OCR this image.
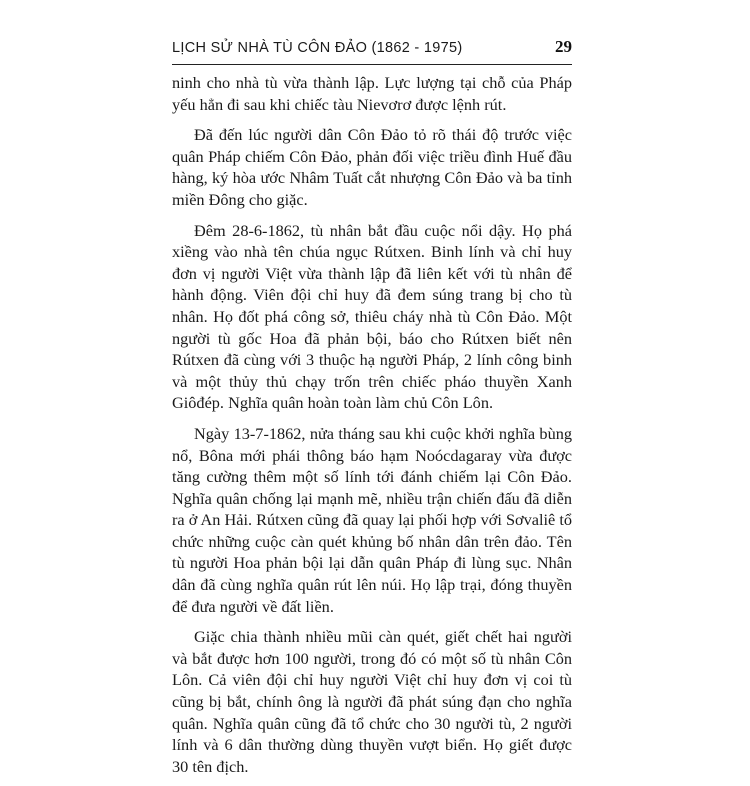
LỊCH SỬ NHÀ TÙ CÔN ĐẢO (1862 - 1975)	29

ninh cho nhà tù vừa thành lập. Lực lượng tại chỗ của Pháp yếu hẳn đi sau khi chiếc tàu Nievơrơ được lệnh rút.

Đã đến lúc người dân Côn Đảo tỏ rõ thái độ trước việc quân Pháp chiếm Côn Đảo, phản đối việc triều đình Huế đầu hàng, ký hòa ước Nhâm Tuất cắt nhượng Côn Đảo và ba tỉnh miền Đông cho giặc.

Đêm 28-6-1862, tù nhân bắt đầu cuộc nổi dậy. Họ phá xiềng vào nhà tên chúa ngục Rútxen. Binh lính và chỉ huy đơn vị người Việt vừa thành lập đã liên kết với tù nhân để hành động. Viên đội chỉ huy đã đem súng trang bị cho tù nhân. Họ đốt phá công sở, thiêu cháy nhà tù Côn Đảo. Một người tù gốc Hoa đã phản bội, báo cho Rútxen biết nên Rútxen đã cùng với 3 thuộc hạ người Pháp, 2 lính công binh và một thủy thủ chạy trốn trên chiếc pháo thuyền Xanh Giôđép. Nghĩa quân hoàn toàn làm chủ Côn Lôn.

Ngày 13-7-1862, nửa tháng sau khi cuộc khởi nghĩa bùng nổ, Bôna mới phái thông báo hạm Noócdagaray vừa được tăng cường thêm một số lính tới đánh chiếm lại Côn Đảo. Nghĩa quân chống lại mạnh mẽ, nhiều trận chiến đấu đã diễn ra ở An Hải. Rútxen cũng đã quay lại phối hợp với Sơvaliê tổ chức những cuộc càn quét khủng bố nhân dân trên đảo. Tên tù người Hoa phản bội lại dẫn quân Pháp đi lùng sục. Nhân dân đã cùng nghĩa quân rút lên núi. Họ lập trại, đóng thuyền để đưa người về đất liền.

Giặc chia thành nhiều mũi càn quét, giết chết hai người và bắt được hơn 100 người, trong đó có một số tù nhân Côn Lôn. Cả viên đội chỉ huy người Việt chỉ huy đơn vị coi tù cũng bị bắt, chính ông là người đã phát súng đạn cho nghĩa quân. Nghĩa quân cũng đã tổ chức cho 30 người tù, 2 người lính và 6 dân thường dùng thuyền vượt biển. Họ giết được 30 tên địch.
